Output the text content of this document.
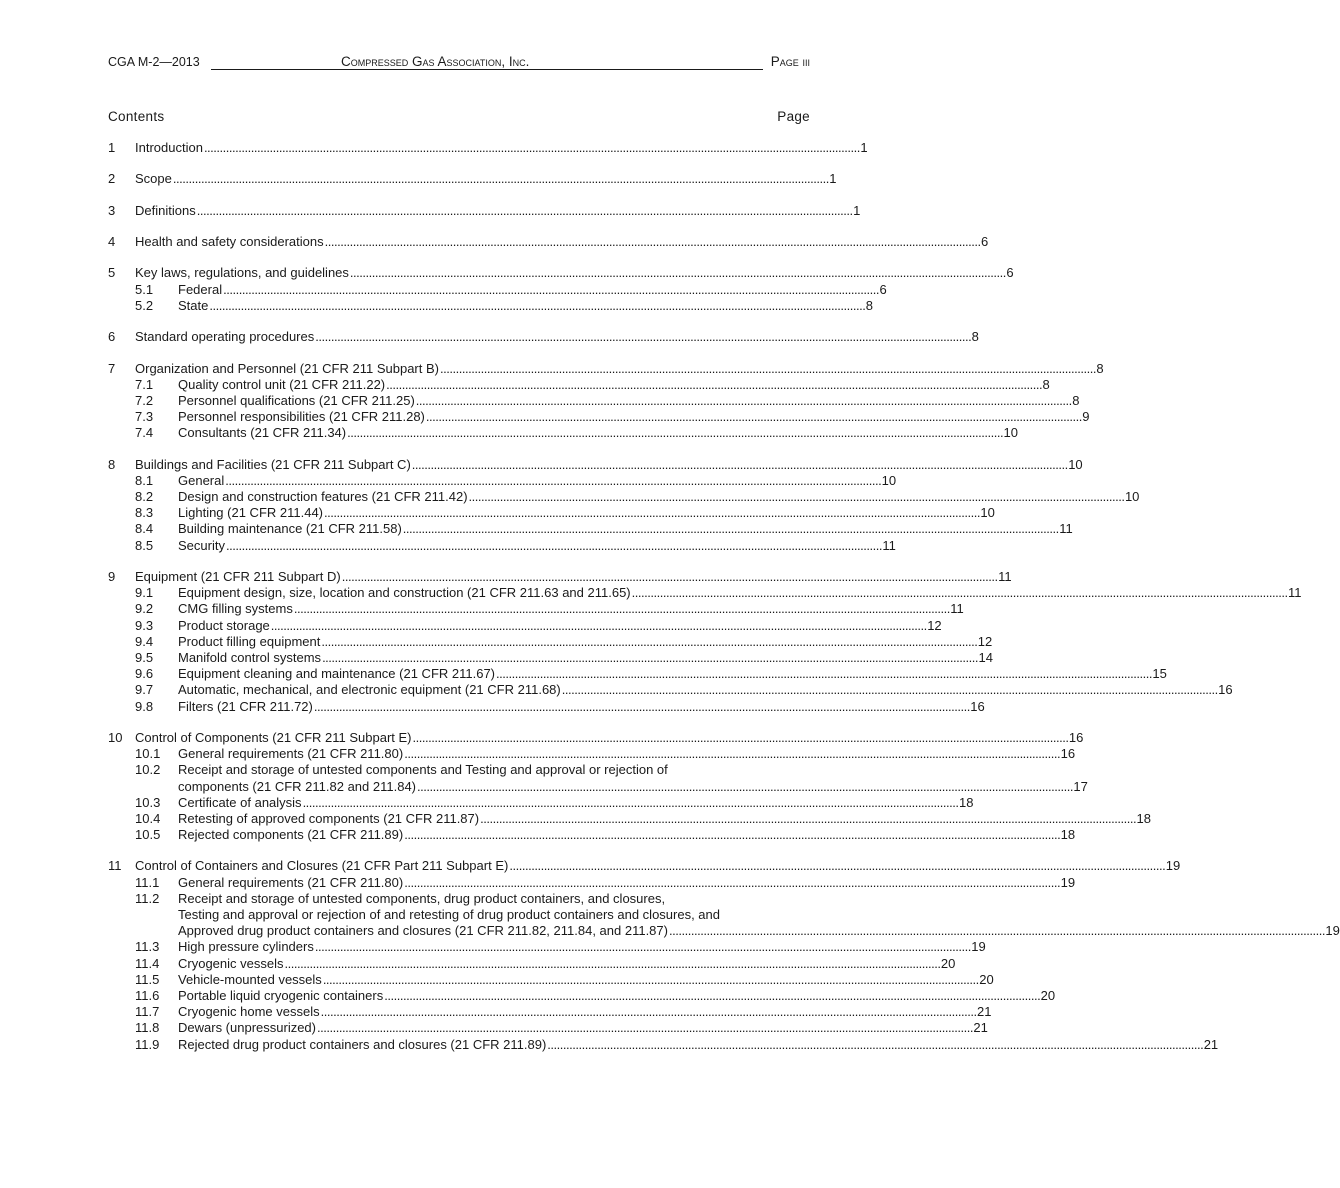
CGA M-2—2013	Compressed Gas Association, Inc.	Page iii
Contents	Page
1	Introduction . . .	1
2	Scope . . .	1
3	Definitions . . .	1
4	Health and safety considerations . . .	6
5	Key laws, regulations, and guidelines . . .	6
5.1	Federal . . .	6
5.2	State . . .	8
6	Standard operating procedures . . .	8
7	Organization and Personnel (21 CFR 211 Subpart B) . . .	8
7.1	Quality control unit (21 CFR 211.22) . . .	8
7.2	Personnel qualifications (21 CFR 211.25) . . .	8
7.3	Personnel responsibilities (21 CFR 211.28) . . .	9
7.4	Consultants (21 CFR 211.34) . . .	10
8	Buildings and Facilities (21 CFR 211 Subpart C) . . .	10
8.1	General . . .	10
8.2	Design and construction features (21 CFR 211.42) . . .	10
8.3	Lighting (21 CFR 211.44) . . .	10
8.4	Building maintenance (21 CFR 211.58) . . .	11
8.5	Security . . .	11
9	Equipment (21 CFR 211 Subpart D) . . .	11
9.1	Equipment design, size, location and construction (21 CFR 211.63 and 211.65) . . .	11
9.2	CMG filling systems . . .	11
9.3	Product storage . . .	12
9.4	Product filling equipment . . .	12
9.5	Manifold control systems . . .	14
9.6	Equipment cleaning and maintenance (21 CFR 211.67) . . .	15
9.7	Automatic, mechanical, and electronic equipment (21 CFR 211.68) . . .	16
9.8	Filters (21 CFR 211.72) . . .	16
10 Control of Components (21 CFR 211 Subpart E) . . .	16
10.1	General requirements (21 CFR 211.80) . . .	16
10.2	Receipt and storage of untested components and Testing and approval or rejection of
components (21 CFR 211.82 and 211.84) . . .	17
10.3	Certificate of analysis . . .	18
10.4	Retesting of approved components (21 CFR 211.87) . . .	18
10.5	Rejected components (21 CFR 211.89) . . .	18
11	Control of Containers and Closures (21 CFR Part 211 Subpart E) . . .	19
11.1	General requirements (21 CFR 211.80) . . .	19
11.2	Receipt and storage of untested components, drug product containers, and closures,
Testing and approval or rejection of and retesting of drug product containers and closures, and
Approved drug product containers and closures (21 CFR 211.82, 211.84, and 211.87) . . .	19
11.3	High pressure cylinders . . .	19
11.4	Cryogenic vessels . . .	20
11.5	Vehicle-mounted vessels . . .	20
11.6	Portable liquid cryogenic containers . . .	20
11.7	Cryogenic home vessels . . .	21
11.8	Dewars (unpressurized) . . .	21
11.9	Rejected drug product containers and closures (21 CFR 211.89) . . .	21
